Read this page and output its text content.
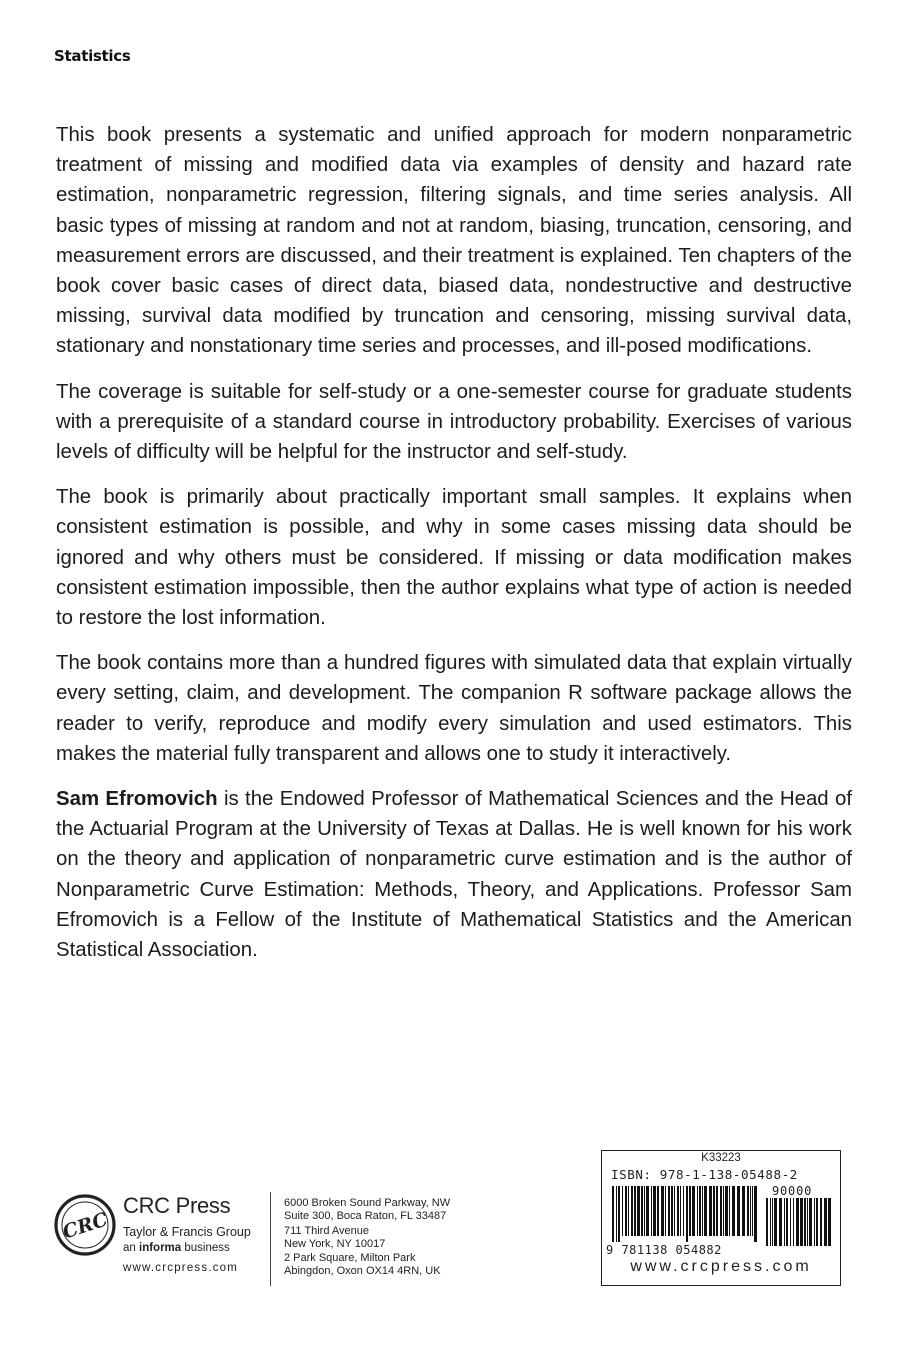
Statistics

This book presents a systematic and unified approach for modern nonparametric treatment of missing and modified data via examples of density and hazard rate estimation, nonparametric regression, filtering signals, and time series analysis. All basic types of missing at random and not at random, biasing, truncation, censoring, and measurement errors are discussed, and their treatment is explained. Ten chapters of the book cover basic cases of direct data, biased data, nondestructive and destructive missing, survival data modified by truncation and censoring, missing survival data, stationary and nonstationary time series and processes, and ill-posed modifications.

The coverage is suitable for self-study or a one-semester course for graduate students with a prerequisite of a standard course in introductory probability. Exercises of various levels of difficulty will be helpful for the instructor and self-study.

The book is primarily about practically important small samples. It explains when consistent estimation is possible, and why in some cases missing data should be ignored and why others must be considered. If missing or data modification makes consistent estimation impossible, then the author explains what type of action is needed to restore the lost information.

The book contains more than a hundred figures with simulated data that explain virtually every setting, claim, and development. The companion R software package allows the reader to verify, reproduce and modify every simulation and used estimators. This makes the material fully transparent and allows one to study it interactively.

Sam Efromovich is the Endowed Professor of Mathematical Sciences and the Head of the Actuarial Program at the University of Texas at Dallas. He is well known for his work on the theory and application of nonparametric curve estimation and is the author of Nonparametric Curve Estimation: Methods, Theory, and Applications. Professor Sam Efromovich is a Fellow of the Institute of Mathematical Statistics and the American Statistical Association.

CRC
CRC Press
Taylor & Francis Group
an informa business
www.crcpress.com
6000 Broken Sound Parkway, NW
Suite 300, Boca Raton, FL 33487
711 Third Avenue
New York, NY 10017
2 Park Square, Milton Park
Abingdon, Oxon OX14 4RN, UK
K33223
ISBN: 978-1-138-05488-2
90000
9 781138 054882
www.crcpress.com
